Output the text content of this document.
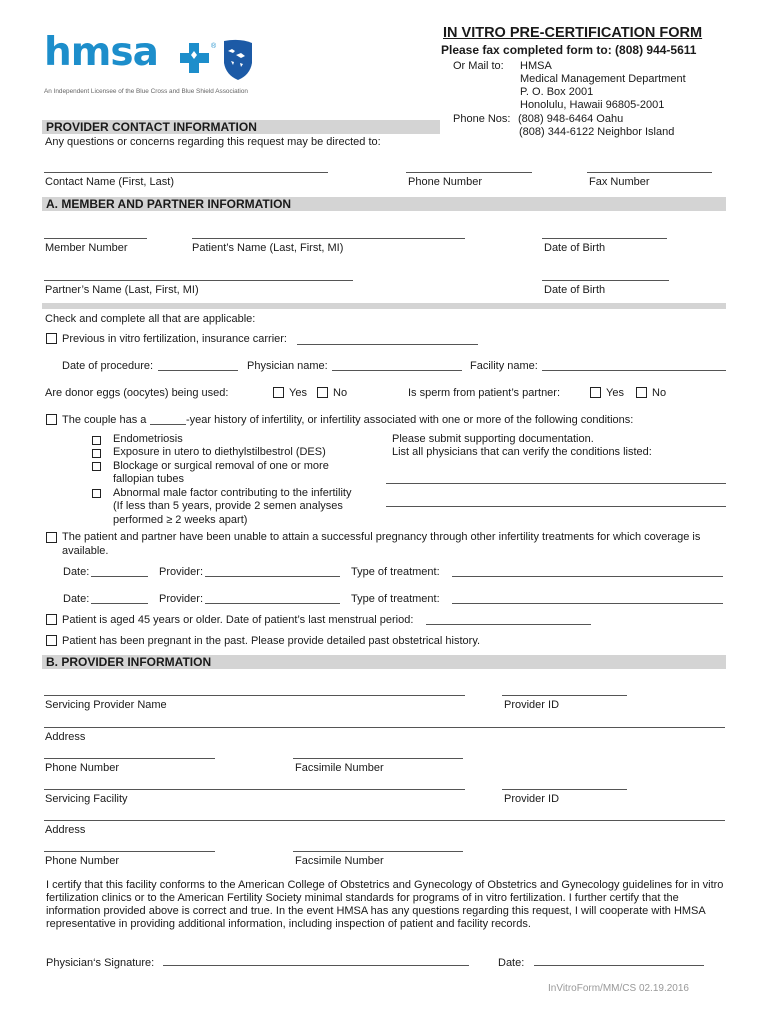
hmsa	®
An Independent Licensee of the Blue Cross and Blue Shield Association
IN VITRO PRE-CERTIFICATION FORM
Please fax completed form to: (808) 944-5611
Or Mail to: HMSA
Medical Management Department
P. O. Box 2001
Honolulu, Hawaii 96805-2001
Phone Nos: (808) 948-6464 Oahu
(808) 344-6122 Neighbor Island
PROVIDER CONTACT INFORMATION
Any questions or concerns regarding this request may be directed to:
Contact Name (First, Last)	Phone Number	Fax Number
A. MEMBER AND PARTNER INFORMATION
Member Number	Patient’s Name (Last, First, MI)	Date of Birth
Partner’s Name (Last, First, MI)	Date of Birth
Check and complete all that are applicable:
Previous in vitro fertilization, insurance carrier:
Date of procedure:	Physician name:	Facility name:
Are donor eggs (oocytes) being used:	Yes No	Is sperm from patient’s partner:	Yes	No
The couple has a	-year history of infertility, or infertility associated with one or more of the following conditions:
Endometriosis
Exposure in utero to diethylstilbestrol (DES)
Blockage or surgical removal of one or more
fallopian tubes
Abnormal male factor contributing to the infertility
(If less than 5 years, provide 2 semen analyses
performed ≥ 2 weeks apart)
Please submit supporting documentation.
List all physicians that can verify the conditions listed:
The patient and partner have been unable to attain a successful pregnancy through other infertility treatments for which coverage is
available.
Date:	Provider:	Type of treatment:
Date:	Provider:	Type of treatment:
Patient is aged 45 years or older. Date of patient’s last menstrual period:
Patient has been pregnant in the past. Please provide detailed past obstetrical history.
B. PROVIDER INFORMATION
Servicing Provider Name	Provider ID
Address
Phone Number	Facsimile Number
Servicing Facility	Provider ID
Address
Phone Number	Facsimile Number
I certify that this facility conforms to the American College of Obstetrics and Gynecology of Obstetrics and Gynecology guidelines for in vitro fertilization clinics or to the American Fertility Society minimal standards for programs of in vitro fertilization. I further certify that the information provided above is correct and true. In the event HMSA has any questions regarding this request, I will cooperate with HMSA representative in providing additional information, including inspection of patient and facility records.
Physician‘s Signature:	Date:
InVitroForm/MM/CS 02.19.2016
